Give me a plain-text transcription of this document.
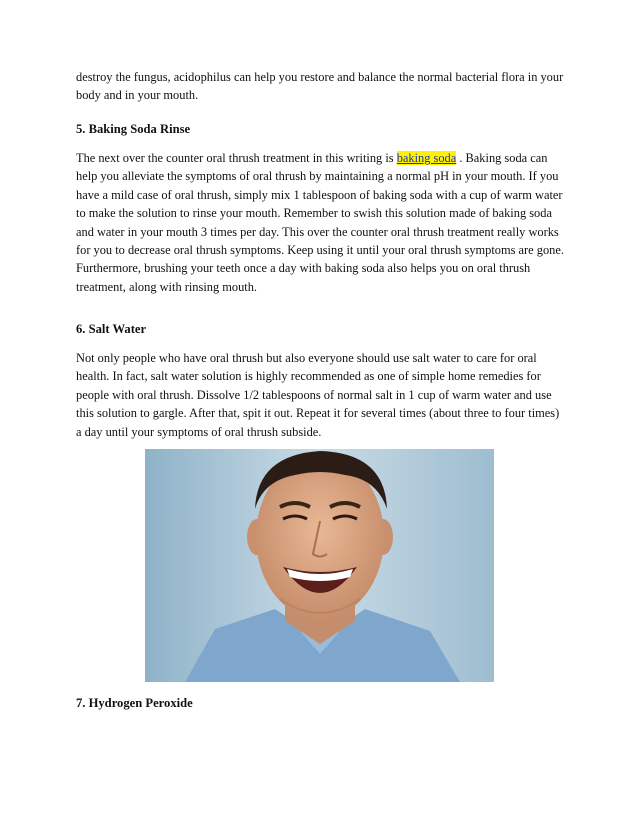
destroy the fungus, acidophilus can help you restore and balance the normal bacterial flora in your body and in your mouth.

5. Baking Soda Rinse

The next over the counter oral thrush treatment in this writing is baking soda . Baking soda can help you alleviate the symptoms of oral thrush by maintaining a normal pH in your mouth. If you have a mild case of oral thrush, simply mix 1 tablespoon of baking soda with a cup of warm water to make the solution to rinse your mouth. Remember to swish this solution made of baking soda and water in your mouth 3 times per day. This over the counter oral thrush treatment really works for you to decrease oral thrush symptoms. Keep using it until your oral thrush symptoms are gone. Furthermore, brushing your teeth once a day with baking soda also helps you on oral thrush treatment, along with rinsing mouth.

6. Salt Water

Not only people who have oral thrush but also everyone should use salt water to care for oral health. In fact, salt water solution is highly recommended as one of simple home remedies for people with oral thrush. Dissolve 1/2 tablespoons of normal salt in 1 cup of warm water and use this solution to gargle. After that, spit it out. Repeat it for several times (about three to four times) a day until your symptoms of oral thrush subside.

7. Hydrogen Peroxide
